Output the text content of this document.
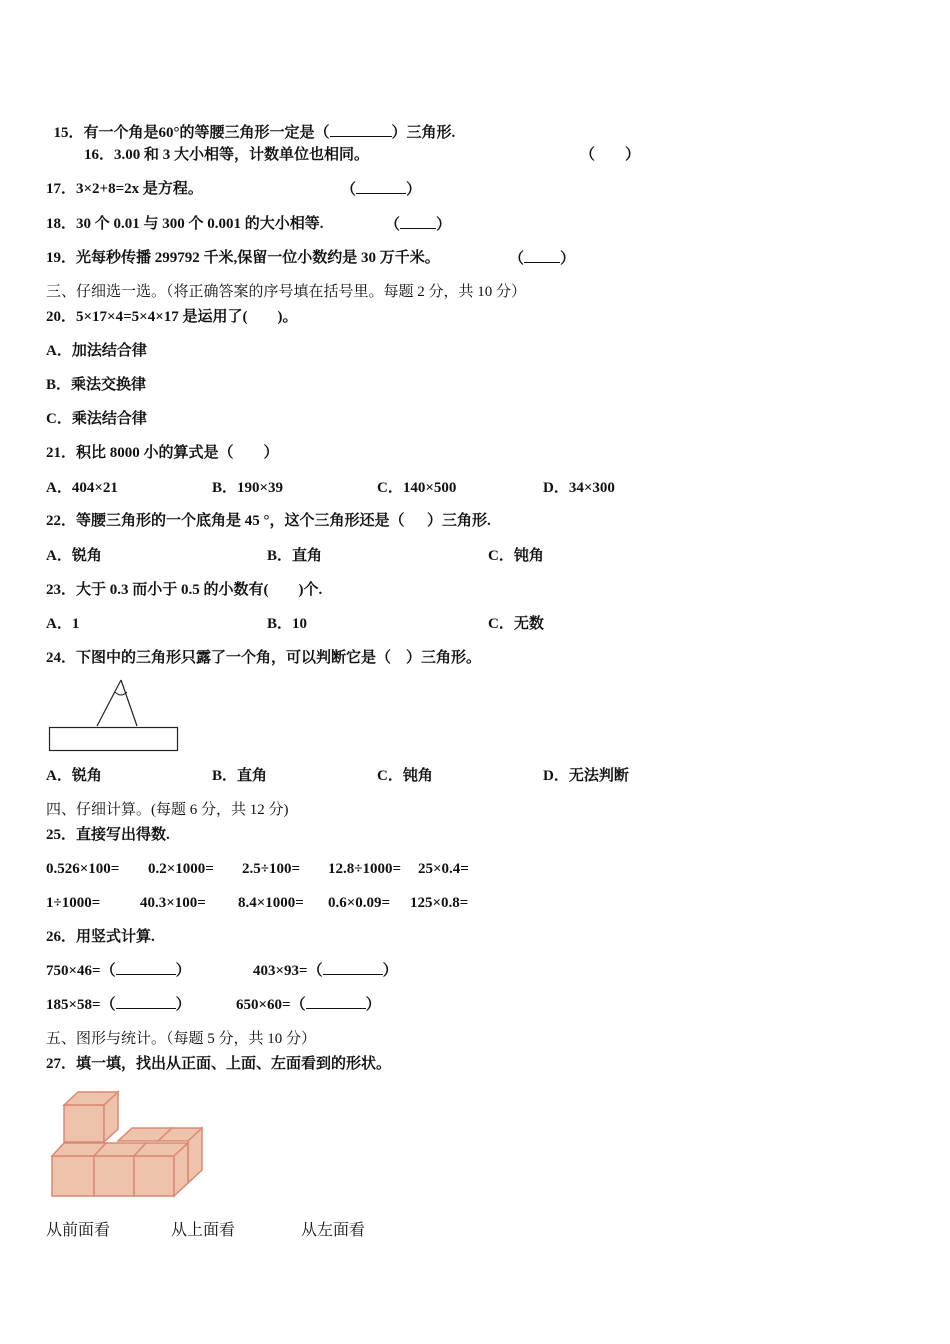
15．有一个角是60°的等腰三角形一定是（	）三角形.

16．3.00 和 3 大小相等，计数单位也相同。	（        ）
17．3×2+8=2x 是方程。	（	）
18．30 个 0.01 与 300 个 0.001 的大小相等.	（ ）
19．光每秒传播 299792 千米,保留一位小数约是 30 万千米。	（ ）
三、仔细选一选。（将正确答案的序号填在括号里。每题 2 分，共 10 分）
20．5×17×4=5×4×17 是运用了(        )。
A．加法结合律
B．乘法交换律
C．乘法结合律
21．积比 8000 小的算式是（        ）
A．404×21	B．190×39	C．140×500	D．34×300
22．等腰三角形的一个底角是 45 °，这个三角形还是（      ）三角形.
A．锐角	B．直角	C．钝角
23．大于 0.3 而小于 0.5 的小数有(        )个.
A．1	B．10	C．无数
24．下图中的三角形只露了一个角，可以判断它是（    ）三角形。
A．锐角	B．直角	C．钝角	D．无法判断
四、仔细计算。(每题 6 分，共 12 分)
25．直接写出得数.
0.526×100= 0.2×1000= 2.5÷100= 12.8÷1000= 25×0.4=
1÷1000=	40.3×100= 8.4×1000= 0.6×0.09= 125×0.8=
26．用竖式计算.
750×46=（	）	403×93=（	）
185×58=（	）	650×60=（	）
五、图形与统计。（每题 5 分，共 10 分）
27．填一填，找出从正面、上面、左面看到的形状。
从前面看	从上面看	从左面看
